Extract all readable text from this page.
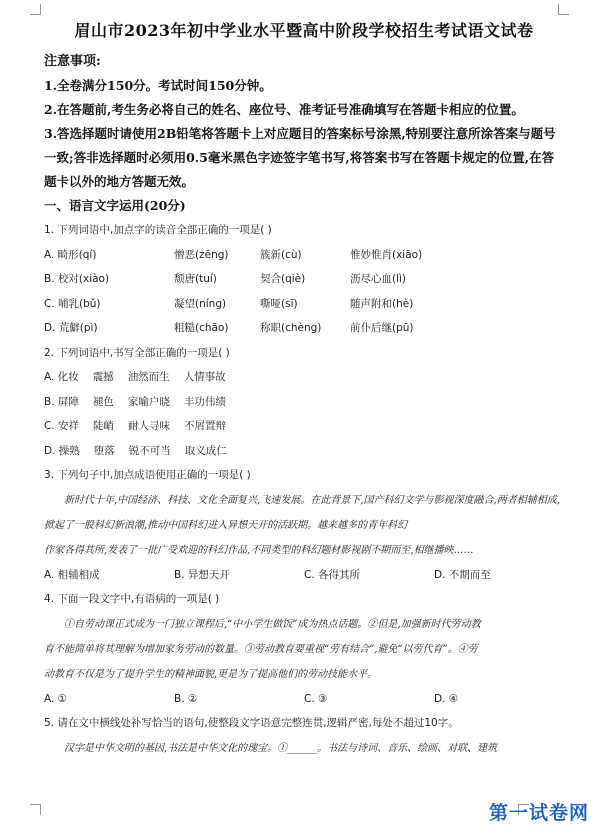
眉山市2023年初中学业水平暨高中阶段学校招生考试语文试卷
注意事项:
1.全卷满分150分。考试时间150分钟。
2.在答题前,考生务必将自己的姓名、座位号、准考证号准确填写在答题卡相应的位置。
3.答选择题时请使用2B铅笔将答题卡上对应题目的答案标号涂黑,特别要注意所涂答案与题号一致;答非选择题时必须用0.5毫米黑色字迹签字笔书写,将答案书写在答题卡规定的位置,在答题卡以外的地方答题无效。
一、语言文字运用(20分)
1. 下列词语中,加点字的读音全部正确的一项是( )
A. 畸形(qí)	憎恶(zēng)	簇新(cù)	惟妙惟肖(xiāo)
B. 校对(xiào)	颓唐(tuí)	契合(qiè)	沥尽心血(lì)
C. 哺乳(bǔ)	凝望(níng)	嘶哑(sī)	随声附和(hè)
D. 荒僻(pì)	粗糙(chāo)	称职(chèng)	前仆后继(pū)
2. 下列词语中,书写全部正确的一项是( )
A. 化妆 震撼 油然而生 人情事故
B. 屏障 褪色 家喻户晓 丰功伟绩
C. 安祥 陡峭 耐人寻味 不屑置辩
D. 操熟 堕落 锐不可当 取义成仁
3. 下列句子中,加点成语使用正确的一项是( )
新时代十年,中国经济、科技、文化全面复兴,飞速发展。在此背景下,国产科幻文学与影视深度融合,两者相辅相成,掀起了一股科幻新浪潮,推动中国科幻进入异想天开的活跃期。越来越多的青年科幻
作家各得其所,发表了一批广受欢迎的科幻作品,不同类型的科幻题材影视剧不期而至,相继播映……
A. 相辅相成	B. 异想天开	C. 各得其所	D. 不期而至
4. 下面一段文字中,有语病的一项是( )
①自劳动课正式成为一门独立课程后,“中小学生做饭”成为热点话题。②但是,加强新时代劳动教
育不能简单将其理解为增加家务劳动的数量。③劳动教育要重视“劳有结合”,避免“以劳代育”。④劳
动教育不仅是为了提升学生的精神面貌,更是为了提高他们的劳动技能水平。
A. ①	B. ②	C. ③	D. ④
5. 请在文中横线处补写恰当的语句,使整段文字语意完整连贯,逻辑严密,每处不超过10字。
汉字是中华文明的基因,书法是中华文化的瑰宝。①______。书法与诗词、音乐、绘画、对联、建筑
第一试卷网
